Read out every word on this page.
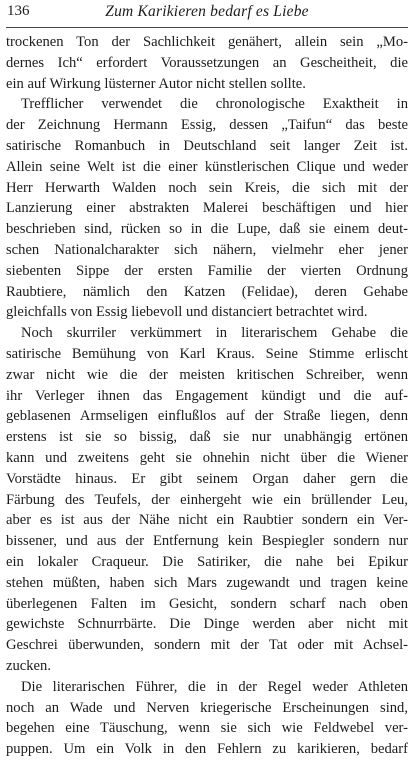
136	Zum Karikieren bedarf es Liebe
trockenen Ton der Sachlichkeit genähert, allein sein „Mo-
dernes Ich“ erfordert Voraussetzungen an Gescheitheit, die
ein auf Wirkung lüsterner Autor nicht stellen sollte.
Trefflicher verwendet die chronologische Exaktheit in
der Zeichnung Hermann Essig, dessen „Taifun“ das beste
satirische Romanbuch in Deutschland seit langer Zeit ist.
Allein seine Welt ist die einer künstlerischen Clique und weder
Herr Herwarth Walden noch sein Kreis, die sich mit der
Lanzierung einer abstrakten Malerei beschäftigen und hier
beschrieben sind, rücken so in die Lupe, daß sie einem deut-
schen Nationalcharakter sich nähern, vielmehr eher jener
siebenten Sippe der ersten Familie der vierten Ordnung
Raubtiere, nämlich den Katzen (Felidae), deren Gehabe
gleichfalls von Essig liebevoll und distanciert betrachtet wird.
Noch skurriler verkümmert in literarischem Gehabe die
satirische Bemühung von Karl Kraus. Seine Stimme erlischt
zwar nicht wie die der meisten kritischen Schreiber, wenn
ihr Verleger ihnen das Engagement kündigt und die auf-
geblasenen Armseligen einflußlos auf der Straße liegen, denn
erstens ist sie so bissig, daß sie nur unabhängig ertönen
kann und zweitens geht sie ohnehin nicht über die Wiener
Vorstädte hinaus. Er gibt seinem Organ daher gern die
Färbung des Teufels, der einhergeht wie ein brüllender Leu,
aber es ist aus der Nähe nicht ein Raubtier sondern ein Ver-
bissener, und aus der Entfernung kein Bespiegler sondern nur
ein lokaler Craqueur. Die Satiriker, die nahe bei Epikur
stehen müßten, haben sich Mars zugewandt und tragen keine
überlegenen Falten im Gesicht, sondern scharf nach oben
gewichste Schnurrbärte. Die Dinge werden aber nicht mit
Geschrei überwunden, sondern mit der Tat oder mit Achsel-
zucken.
Die literarischen Führer, die in der Regel weder Athleten
noch an Wade und Nerven kriegerische Erscheinungen sind,
begehen eine Täuschung, wenn sie sich wie Feldwebel ver-
puppen. Um ein Volk in den Fehlern zu karikieren, bedarf
